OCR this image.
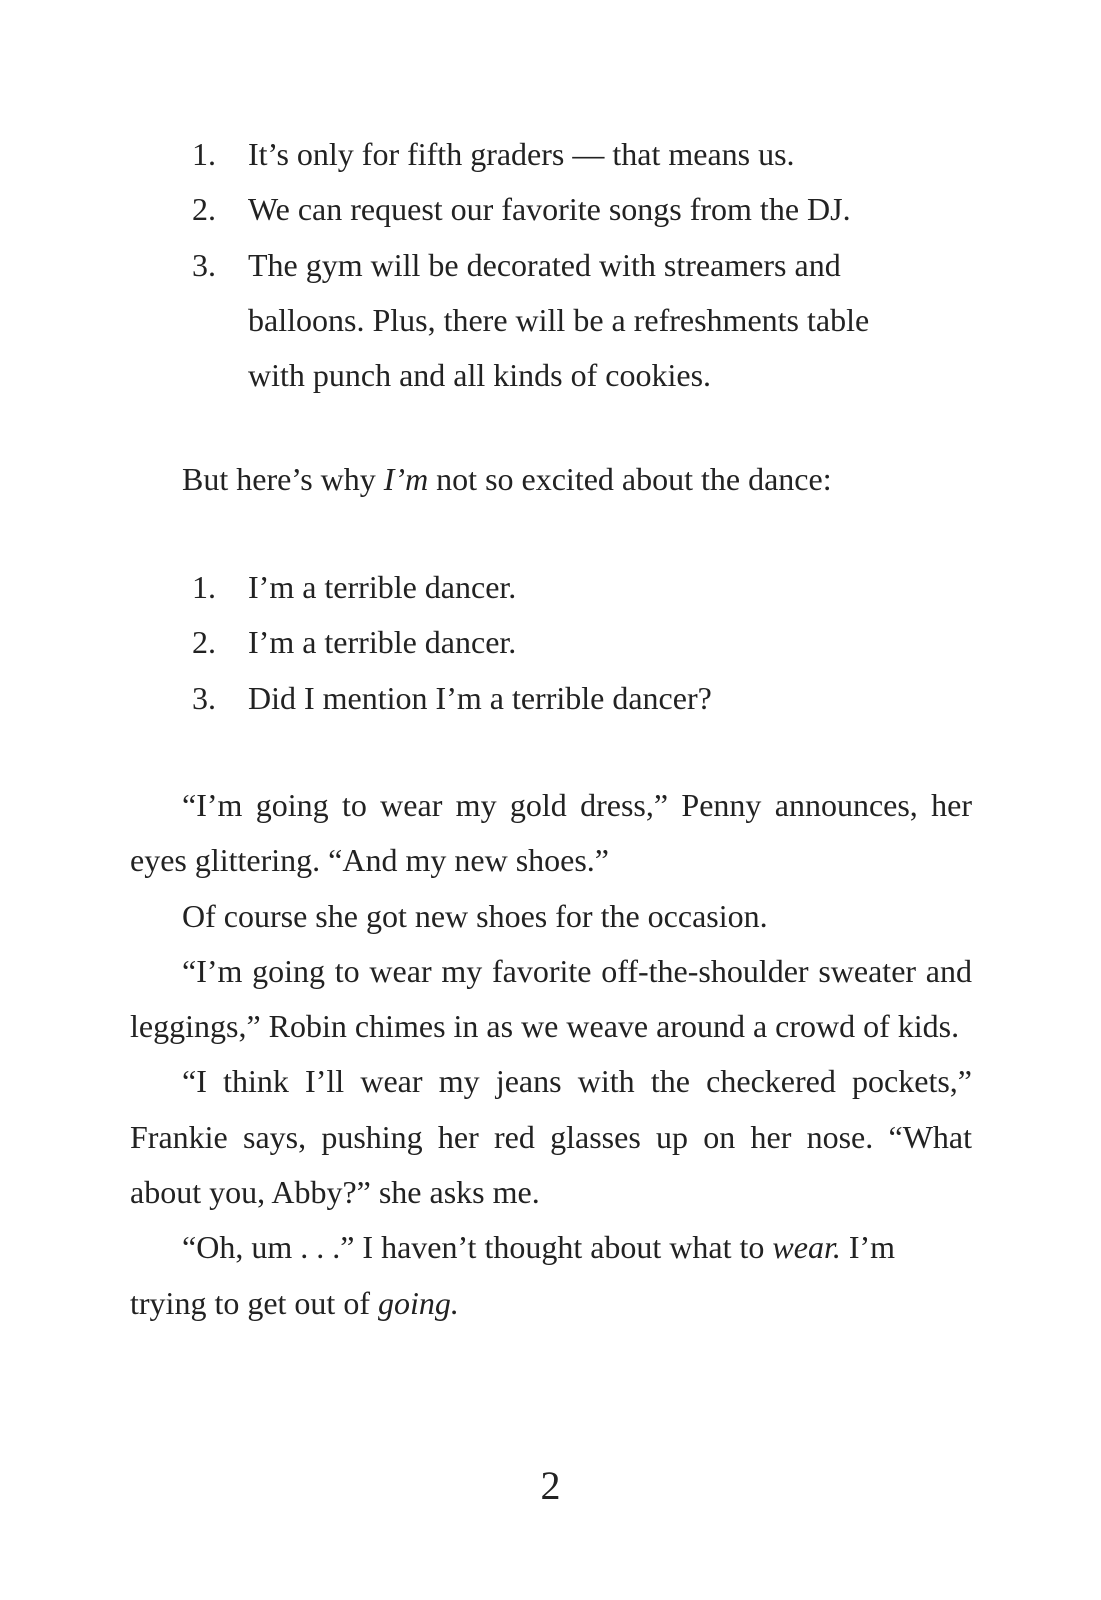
1. It’s only for fifth graders — that means us.
2. We can request our favorite songs from the DJ.
3. The gym will be decorated with streamers and balloons. Plus, there will be a refreshments table with punch and all kinds of cookies.

But here’s why I’m not so excited about the dance:

1. I’m a terrible dancer.
2. I’m a terrible dancer.
3. Did I mention I’m a terrible dancer?

“I’m going to wear my gold dress,” Penny announces, her eyes glittering. “And my new shoes.”

Of course she got new shoes for the occasion.

“I’m going to wear my favorite off-the-shoulder sweater and leggings,” Robin chimes in as we weave around a crowd of kids.

“I think I’ll wear my jeans with the checkered pockets,” Frankie says, pushing her red glasses up on her nose. “What about you, Abby?” she asks me.

“Oh, um . . .” I haven’t thought about what to wear. I’m trying to get out of going.

2
